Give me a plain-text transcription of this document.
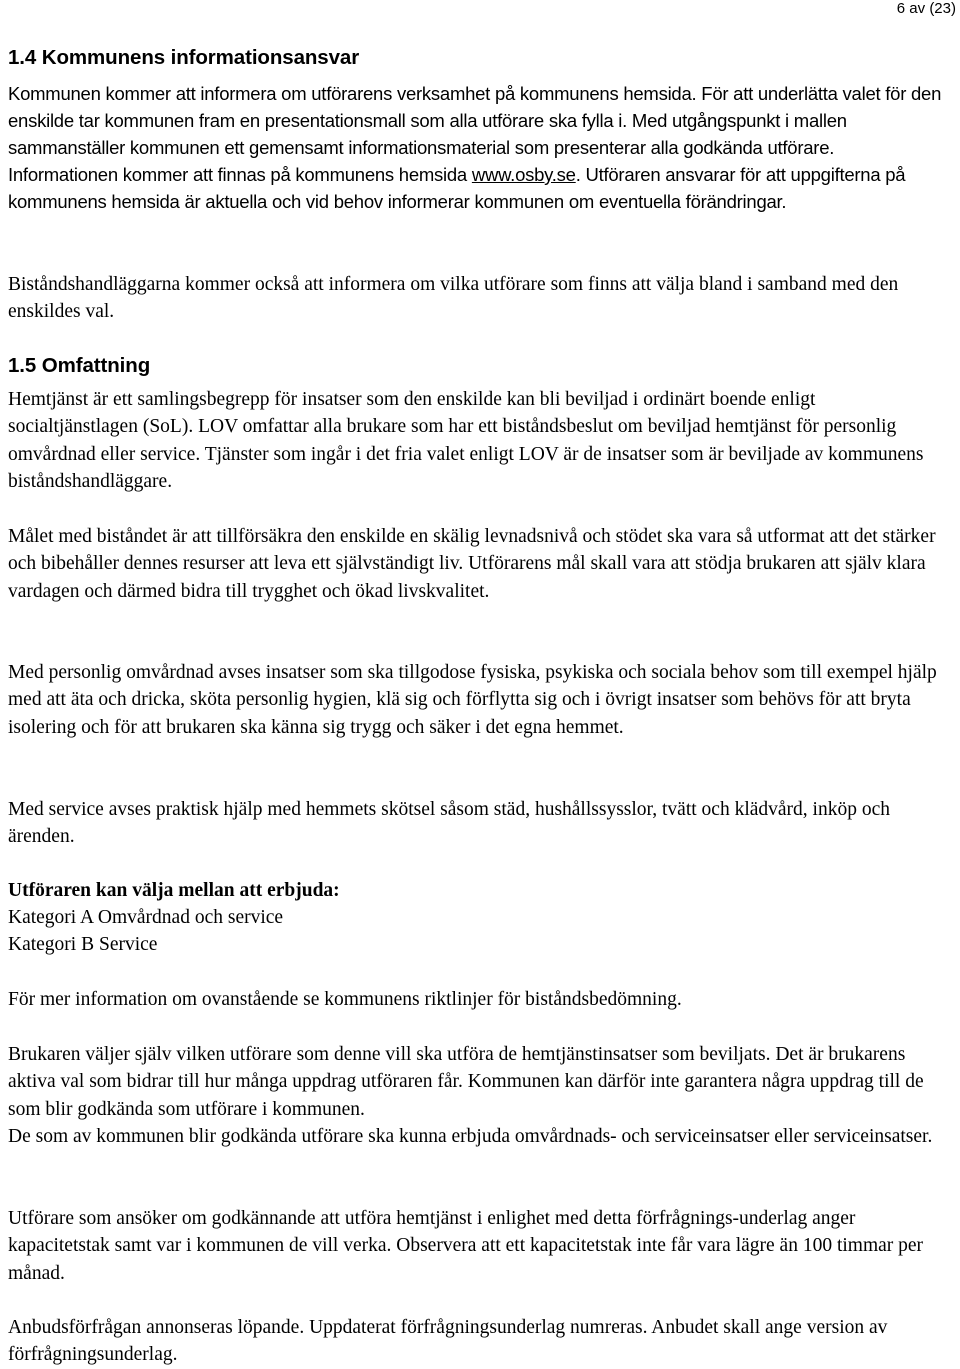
6 av (23)
1.4 Kommunens informationsansvar

Kommunen kommer att informera om utförarens verksamhet på kommunens hemsida. För att underlätta valet för den enskilde tar kommunen fram en presentationsmall som alla utförare ska fylla i. Med utgångspunkt i mallen sammanställer kommunen ett gemensamt informationsmaterial som presenterar alla godkända utförare. Informationen kommer att finnas på kommunens hemsida www.osby.se. Utföraren ansvarar för att uppgifterna på kommunens hemsida är aktuella och vid behov informerar kommunen om eventuella förändringar.

Biståndshandläggarna kommer också att informera om vilka utförare som finns att välja bland i samband med den enskildes val.

1.5 Omfattning

Hemtjänst är ett samlingsbegrepp för insatser som den enskilde kan bli beviljad i ordinärt boende enligt socialtjänstlagen (SoL). LOV omfattar alla brukare som har ett biståndsbeslut om beviljad hemtjänst för personlig omvårdnad eller service. Tjänster som ingår i det fria valet enligt LOV är de insatser som är beviljade av kommunens biståndshandläggare.

Målet med biståndet är att tillförsäkra den enskilde en skälig levnadsnivå och stödet ska vara så utformat att det stärker och bibehåller dennes resurser att leva ett självständigt liv. Utförarens mål skall vara att stödja brukaren att själv klara vardagen och därmed bidra till trygghet och ökad livskvalitet.

Med personlig omvårdnad avses insatser som ska tillgodose fysiska, psykiska och sociala behov som till exempel hjälp med att äta och dricka, sköta personlig hygien, klä sig och förflytta sig och i övrigt insatser som behövs för att bryta isolering och för att brukaren ska känna sig trygg och säker i det egna hemmet.

Med service avses praktisk hjälp med hemmets skötsel såsom städ, hushållssysslor, tvätt och klädvård, inköp och ärenden.

Utföraren kan välja mellan att erbjuda:

Kategori A Omvårdnad och service

Kategori B Service

För mer information om ovanstående se kommunens riktlinjer för biståndsbedömning.

Brukaren väljer själv vilken utförare som denne vill ska utföra de hemtjänstinsatser som beviljats. Det är brukarens aktiva val som bidrar till hur många uppdrag utföraren får. Kommunen kan därför inte garantera några uppdrag till de som blir godkända som utförare i kommunen.

De som av kommunen blir godkända utförare ska kunna erbjuda omvårdnads- och serviceinsatser eller serviceinsatser.

Utförare som ansöker om godkännande att utföra hemtjänst i enlighet med detta förfrågnings-underlag anger kapacitetstak samt var i kommunen de vill verka. Observera att ett kapacitetstak inte får vara lägre än 100 timmar per månad.

Anbudsförfrågan annonseras löpande. Uppdaterat förfrågningsunderlag numreras. Anbudet skall ange version av förfrågningsunderlag.
